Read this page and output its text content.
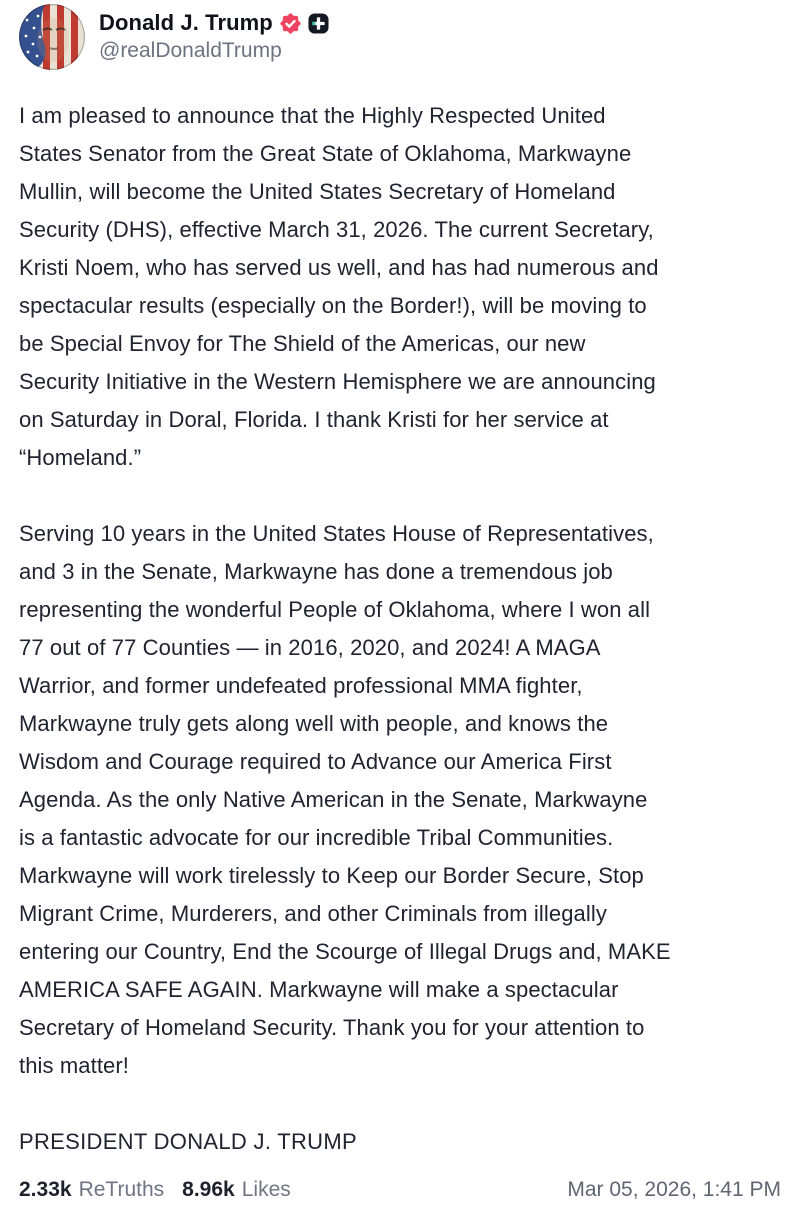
Donald J. Trump
@realDonaldTrump
I am pleased to announce that the Highly Respected United
States Senator from the Great State of Oklahoma, Markwayne
Mullin, will become the United States Secretary of Homeland
Security (DHS), effective March 31, 2026. The current Secretary,
Kristi Noem, who has served us well, and has had numerous and
spectacular results (especially on the Border!), will be moving to
be Special Envoy for The Shield of the Americas, our new
Security Initiative in the Western Hemisphere we are announcing
on Saturday in Doral, Florida. I thank Kristi for her service at
“Homeland.”
Serving 10 years in the United States House of Representatives,
and 3 in the Senate, Markwayne has done a tremendous job
representing the wonderful People of Oklahoma, where I won all
77 out of 77 Counties — in 2016, 2020, and 2024! A MAGA
Warrior, and former undefeated professional MMA fighter,
Markwayne truly gets along well with people, and knows the
Wisdom and Courage required to Advance our America First
Agenda. As the only Native American in the Senate, Markwayne
is a fantastic advocate for our incredible Tribal Communities.
Markwayne will work tirelessly to Keep our Border Secure, Stop
Migrant Crime, Murderers, and other Criminals from illegally
entering our Country, End the Scourge of Illegal Drugs and, MAKE
AMERICA SAFE AGAIN. Markwayne will make a spectacular
Secretary of Homeland Security. Thank you for your attention to
this matter!
PRESIDENT DONALD J. TRUMP
2.33k ReTruths 8.96k Likes	Mar 05, 2026, 1:41 PM
